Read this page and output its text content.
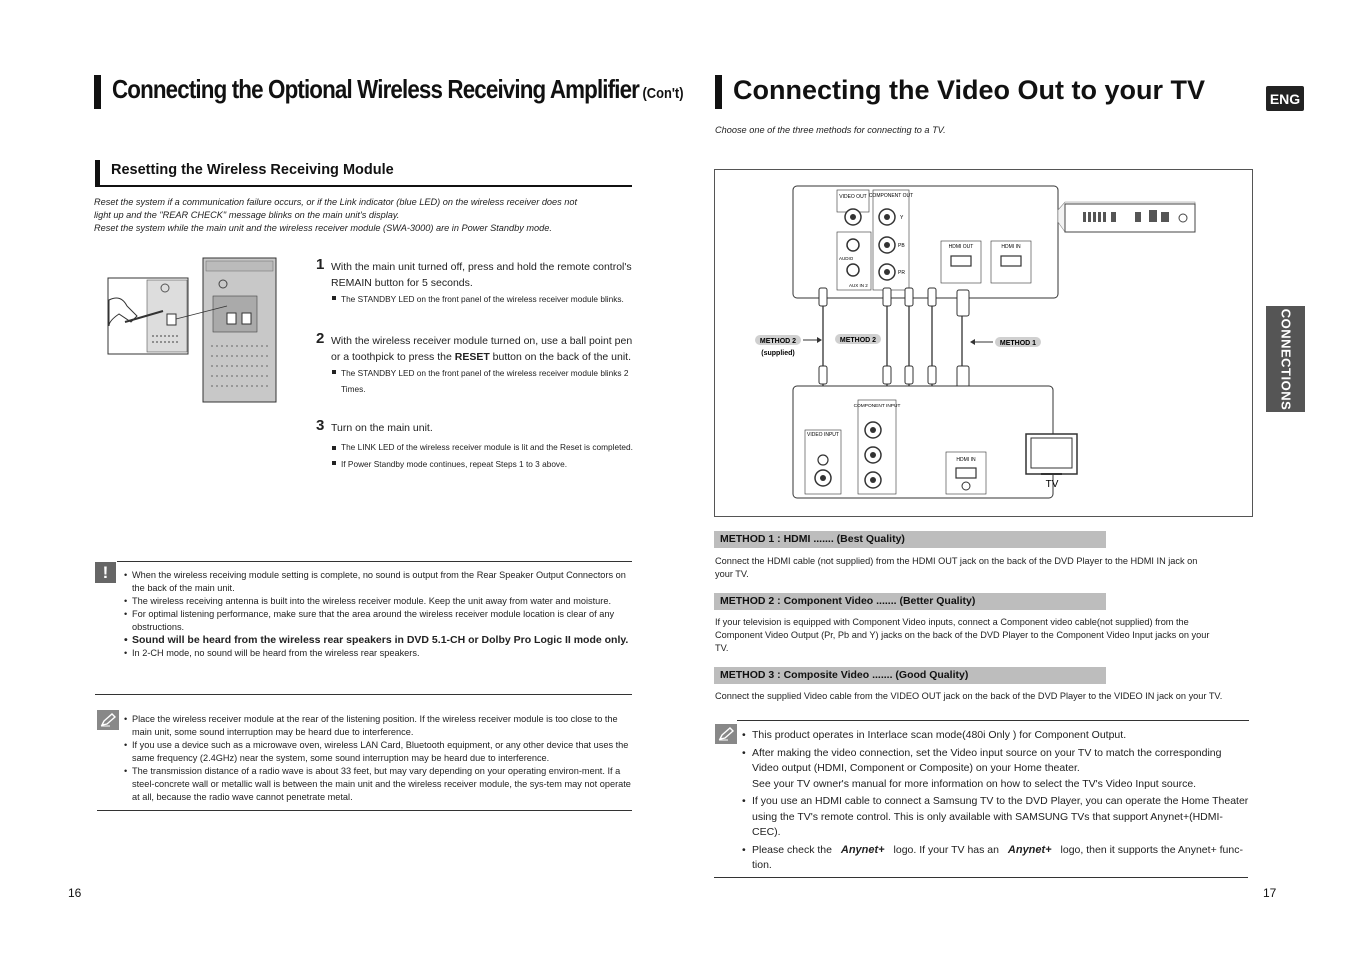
Connecting the Optional Wireless Receiving Amplifier (Con't)
Resetting the Wireless Receiving Module
Reset the system if a communication failure occurs, or if the Link indicator (blue LED) on the wireless receiver does not
light up and the "REAR CHECK" message blinks on the main unit's display.
Reset the system while the main unit and the wireless receiver module (SWA-3000) are in Power Standby mode.
1 With the main unit turned off, press and hold the remote control's REMAIN button for 5 seconds.
The STANDBY LED on the front panel of the wireless receiver module blinks.
2 With the wireless receiver module turned on, use a ball point pen or a toothpick to press the RESET button on the back of the unit.
The STANDBY LED on the front panel of the wireless receiver module blinks 2 Times.
3 Turn on the main unit.
The LINK LED of the wireless receiver module is lit and the Reset is completed.
If Power Standby mode continues, repeat Steps 1 to 3 above.
!
•	When the wireless receiving module setting is complete, no sound is output from the Rear Speaker Output Connectors on the back of the main unit.
• The wireless receiving antenna is built into the wireless receiver module. Keep the unit away from water and moisture.
• For optimal listening performance, make sure that the area around the wireless receiver module location is clear of any obstructions.
• Sound will be heard from the wireless rear speakers in DVD 5.1-CH or Dolby Pro Logic II mode only.
• In 2-CH mode, no sound will be heard from the wireless rear speakers.
• Place the wireless receiver module at the rear of the listening position. If the wireless receiver module is too close to the main unit, some sound interruption may be heard due to interference.
• If you use a device such as a microwave oven, wireless LAN Card, Bluetooth equipment, or any other device that uses the same frequency (2.4GHz) near the system, some sound interruption may be heard due to interference.
• The transmission distance of a radio wave is about 33 feet, but may vary depending on your operating environ-ment. If a steel-concrete wall or metallic wall is between the main unit and the wireless receiver module, the sys-tem may not operate at all, because the radio wave cannot penetrate metal.
16
Connecting the Video Out to your TV	ENG
CONNECTIONS
Choose one of the three methods for connecting to a TV.
VIDEO OUT COMPONENT OUT
Y
PB
PR
AUDIO
AUX IN 2
HDMI OUT	HDMI IN
METHOD 2
(supplied)
METHOD 2	METHOD 1
VIDEO INPUT
COMPONENT INPUT
HDMI IN
TV
METHOD 1 : HDMI ....... (Best Quality)
Connect the HDMI cable (not supplied) from the HDMI OUT jack on the back of the DVD Player to the HDMI IN jack on your TV.
METHOD 2 : Component Video ....... (Better Quality)
If your television is equipped with Component Video inputs, connect a Component video cable(not supplied) from the Component Video Output (Pr, Pb and Y) jacks on the back of the DVD Player to the Component Video Input jacks on your TV.
METHOD 3 : Composite Video ....... (Good Quality)
Connect the supplied Video cable from the VIDEO OUT jack on the back of the DVD Player to the VIDEO IN jack on your TV.
• This product operates in Interlace scan mode(480i Only ) for Component Output.
• After making the video connection, set the Video input source on your TV to match the corresponding Video output (HDMI, Component or Composite) on your Home theater.
See your TV owner's manual for more information on how to select the TV's Video Input source.
• If you use an HDMI cable to connect a Samsung TV to the DVD Player, you can operate the Home Theater using the TV's remote control. This is only available with SAMSUNG TVs that support Anynet+(HDMI-CEC).
• Please check the Anynet+ logo. If your TV has an Anynet+ logo, then it supports the Anynet+ func-tion.
17
